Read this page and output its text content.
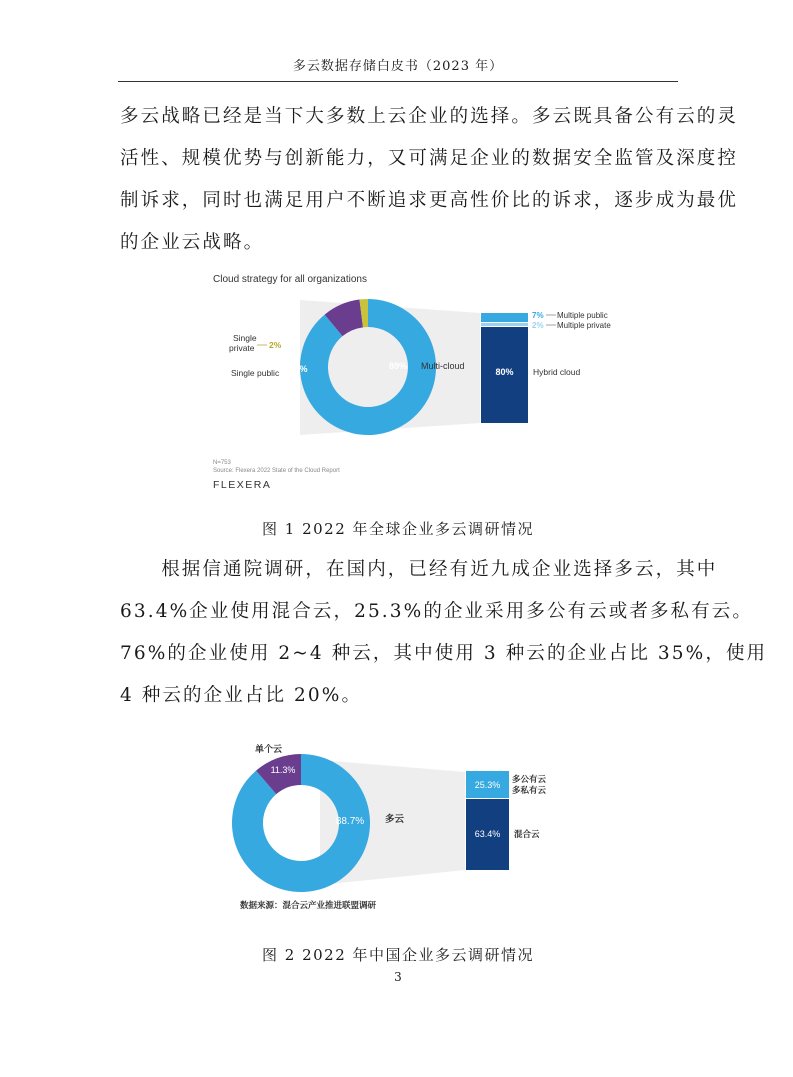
多云数据存储白皮书（2023 年）
多云战略已经是当下大多数上云企业的选择。多云既具备公有云的灵
活性、规模优势与创新能力，又可满足企业的数据安全监管及深度控
制诉求，同时也满足用户不断追求更高性价比的诉求，逐步成为最优
的企业云战略。
Cloud strategy for all organizations
89% Multi-cloud
9%
Single public
Single
private 2%
7% Multiple public
2% Multiple private
80% Hybrid cloud
N=753
Source: Flexera 2022 State of the Cloud Report
FLEXERA
图 1 2022 年全球企业多云调研情况
　　根据信通院调研，在国内，已经有近九成企业选择多云，其中
63.4%企业使用混合云，25.3%的企业采用多公有云或者多私有云。
76%的企业使用 2~4 种云，其中使用 3 种云的企业占比 35%，使用
4 种云的企业占比 20%。
单个云
11.3%
88.7% 多云
25.3%
多公有云
多私有云
63.4% 混合云
数据来源：混合云产业推进联盟调研
图 2 2022 年中国企业多云调研情况
3
